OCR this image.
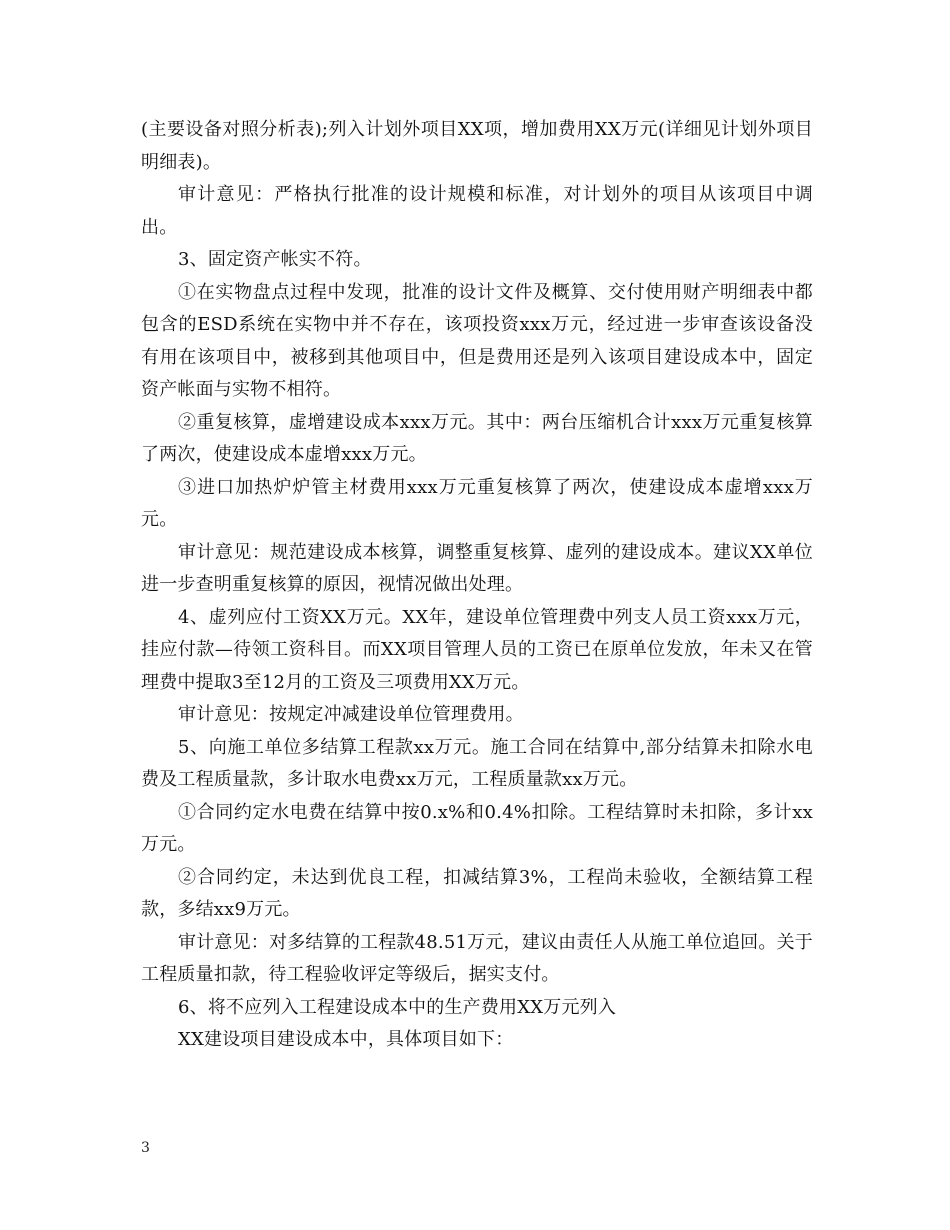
(主要设备对照分析表);列入计划外项目XX项，增加费用XX万元(详细见计划外项目明细表)。

审计意见：严格执行批准的设计规模和标准，对计划外的项目从该项目中调出。

3、固定资产帐实不符。

①在实物盘点过程中发现，批准的设计文件及概算、交付使用财产明细表中都包含的ESD系统在实物中并不存在，该项投资xxx万元，经过进一步审查该设备没有用在该项目中，被移到其他项目中，但是费用还是列入该项目建设成本中，固定资产帐面与实物不相符。

②重复核算，虚增建设成本xxx万元。其中：两台压缩机合计xxx万元重复核算了两次，使建设成本虚增xxx万元。

③进口加热炉炉管主材费用xxx万元重复核算了两次，使建设成本虚增xxx万元。

审计意见：规范建设成本核算，调整重复核算、虚列的建设成本。建议XX单位进一步查明重复核算的原因，视情况做出处理。

4、虚列应付工资XX万元。XX年，建设单位管理费中列支人员工资xxx万元，挂应付款—待领工资科目。而XX项目管理人员的工资已在原单位发放，年未又在管理费中提取3至12月的工资及三项费用XX万元。

审计意见：按规定冲减建设单位管理费用。

5、向施工单位多结算工程款xx万元。施工合同在结算中,部分结算未扣除水电费及工程质量款，多计取水电费xx万元，工程质量款xx万元。

①合同约定水电费在结算中按0.x%和0.4%扣除。工程结算时未扣除，多计xx万元。

②合同约定，未达到优良工程，扣减结算3%，工程尚未验收，全额结算工程款，多结xx9万元。

审计意见：对多结算的工程款48.51万元，建议由责任人从施工单位追回。关于工程质量扣款，待工程验收评定等级后，据实支付。

6、将不应列入工程建设成本中的生产费用XX万元列入

XX建设项目建设成本中，具体项目如下：

3
